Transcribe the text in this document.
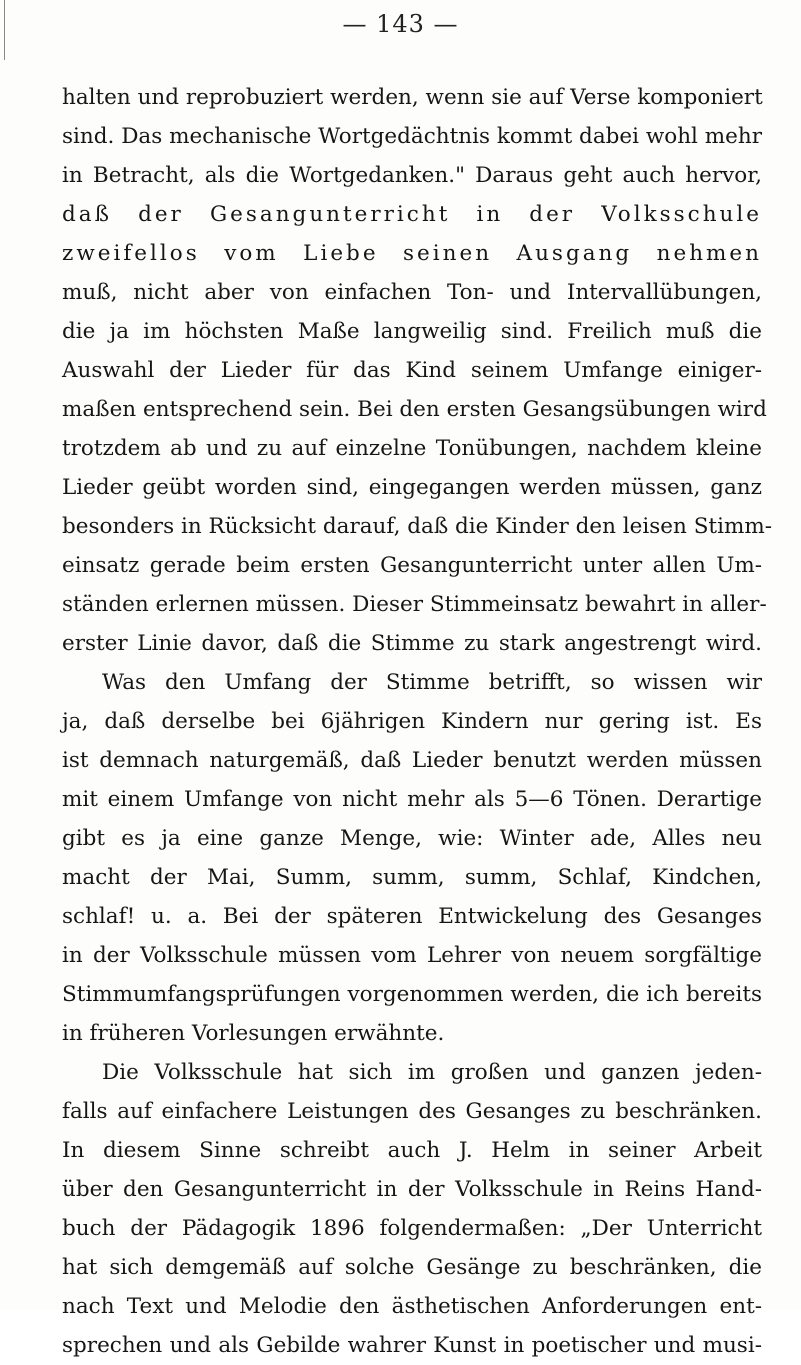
— 143 —
halten und reprobuziert werden, wenn sie auf Verse komponiert
sind. Das mechanische Wortgedächtnis kommt dabei wohl mehr
in Betracht, als die Wortgedanken." Daraus geht auch hervor,
daß der Gesangunterricht in der Volksschule
zweifellos vom Liebe seinen Ausgang nehmen
muß, nicht aber von einfachen Ton- und Intervallübungen,
die ja im höchsten Maße langweilig sind. Freilich muß die
Auswahl der Lieder für das Kind seinem Umfange einiger-
maßen entsprechend sein. Bei den ersten Gesangsübungen wird
trotzdem ab und zu auf einzelne Tonübungen, nachdem kleine
Lieder geübt worden sind, eingegangen werden müssen, ganz
besonders in Rücksicht darauf, daß die Kinder den leisen Stimm-
einsatz gerade beim ersten Gesangunterricht unter allen Um-
ständen erlernen müssen. Dieser Stimmeinsatz bewahrt in aller-
erster Linie davor, daß die Stimme zu stark angestrengt wird.
Was den Umfang der Stimme betrifft, so wissen wir
ja, daß derselbe bei 6jährigen Kindern nur gering ist. Es
ist demnach naturgemäß, daß Lieder benutzt werden müssen
mit einem Umfange von nicht mehr als 5—6 Tönen. Derartige
gibt es ja eine ganze Menge, wie: Winter ade, Alles neu
macht der Mai, Summ, summ, summ, Schlaf, Kindchen,
schlaf! u. a. Bei der späteren Entwickelung des Gesanges
in der Volksschule müssen vom Lehrer von neuem sorgfältige
Stimmumfangsprüfungen vorgenommen werden, die ich bereits
in früheren Vorlesungen erwähnte.
Die Volksschule hat sich im großen und ganzen jeden-
falls auf einfachere Leistungen des Gesanges zu beschränken.
In diesem Sinne schreibt auch J. Helm in seiner Arbeit
über den Gesangunterricht in der Volksschule in Reins Hand-
buch der Pädagogik 1896 folgendermaßen: „Der Unterricht
hat sich demgemäß auf solche Gesänge zu beschränken, die
nach Text und Melodie den ästhetischen Anforderungen ent-
sprechen und als Gebilde wahrer Kunst in poetischer und musi-
